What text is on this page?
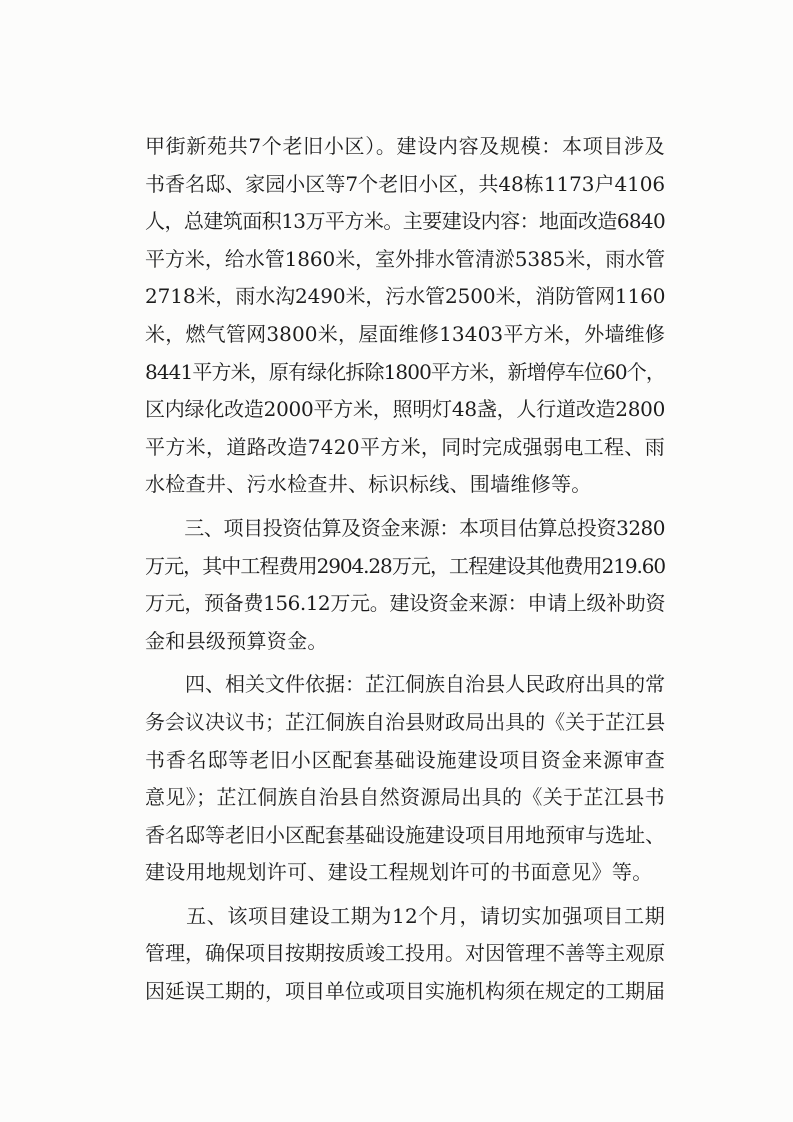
甲街新苑共7个老旧小区）。建设内容及规模：本项目涉及
书香名邸、家园小区等7个老旧小区，共48栋1173户4106
人，总建筑面积13万平方米。主要建设内容：地面改造6840
平方米，给水管1860米，室外排水管清淤5385米，雨水管
2718米，雨水沟2490米，污水管2500米，消防管网1160
米，燃气管网3800米，屋面维修13403平方米，外墙维修
8441平方米，原有绿化拆除1800平方米，新增停车位60个，
区内绿化改造2000平方米，照明灯48盏，人行道改造2800
平方米，道路改造7420平方米，同时完成强弱电工程、雨
水检查井、污水检查井、标识标线、围墙维修等。
　　三、项目投资估算及资金来源：本项目估算总投资3280
万元，其中工程费用2904.28万元，工程建设其他费用219.60
万元，预备费156.12万元。建设资金来源：申请上级补助资
金和县级预算资金。
　　四、相关文件依据：芷江侗族自治县人民政府出具的常
务会议决议书；芷江侗族自治县财政局出具的《关于芷江县
书香名邸等老旧小区配套基础设施建设项目资金来源审查
意见》；芷江侗族自治县自然资源局出具的《关于芷江县书
香名邸等老旧小区配套基础设施建设项目用地预审与选址、
建设用地规划许可、建设工程规划许可的书面意见》等。
　　五、该项目建设工期为12个月，请切实加强项目工期
管理，确保项目按期按质竣工投用。对因管理不善等主观原
因延误工期的，项目单位或项目实施机构须在规定的工期届
